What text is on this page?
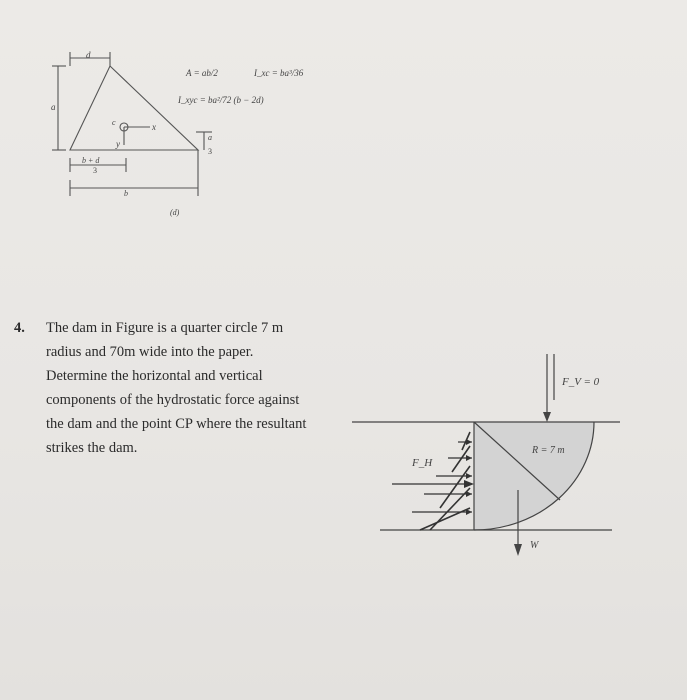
d
a
x
y
c
b + d
3
b
a
3
(d)
A = ab/2	I_xc = ba³/36
I_xyc = ba²/72 (b − 2d)
4. The dam in Figure is a quarter circle 7 m
radius and 70m wide into the paper.
Determine the horizontal and vertical
components of the hydrostatic force against
the dam and the point CP where the resultant
strikes the dam.
F_V = 0
R = 7 m
F_H
W
